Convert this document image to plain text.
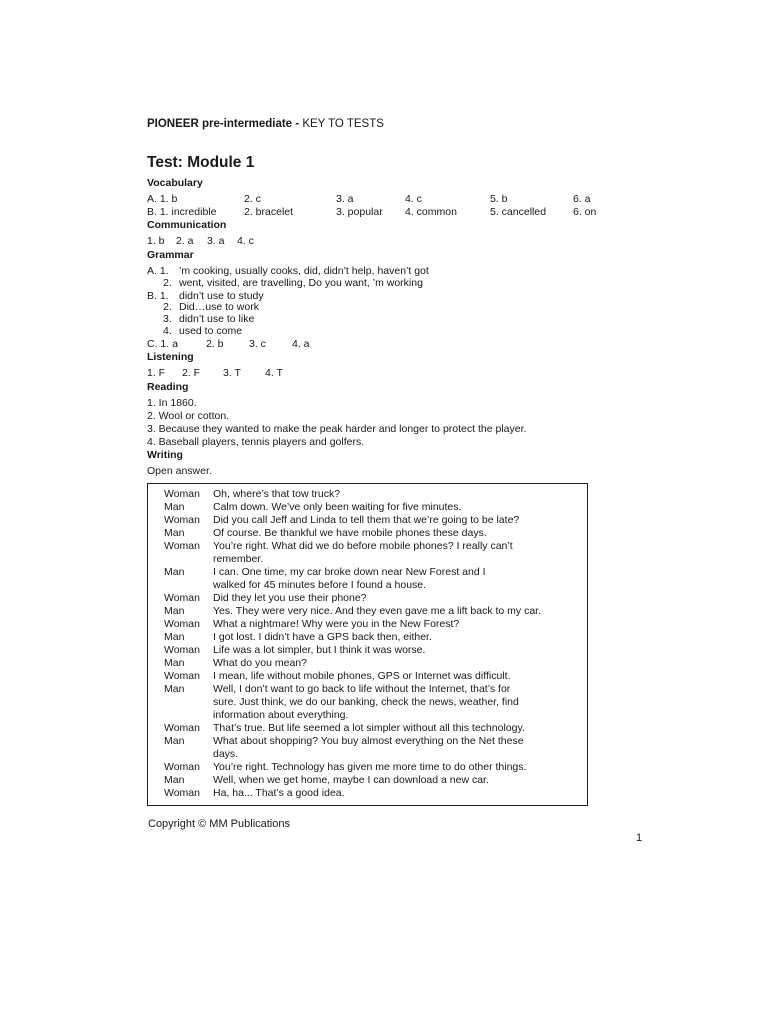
PIONEER pre-intermediate - KEY TO TESTS
Test: Module 1
Vocabulary
A. 1. b	2. c	3. a	4. c	5. b	6. a
B. 1. incredible	2. bracelet	3. popular 4. common	5. cancelled	6. on
Communication
1. b 2. a 3. a 4. c
Grammar
A. 1. ’m cooking, usually cooks, did, didn’t help, haven’t got
2. went, visited, are travelling, Do you want, ’m working
B. 1. didn’t use to study
2. Did…use to work
3. didn’t use to like
4. used to come
C. 1. a	2. b 3. c 4. a
Listening
1. F 2. F 3. T 4. T
Reading
1. In 1860.
2. Wool or cotton.
3. Because they wanted to make the peak harder and longer to protect the player.
4. Baseball players, tennis players and golfers.
Writing
Open answer.
Woman Oh, where’s that tow truck?
Man	Calm down. We’ve only been waiting for five minutes.
Woman Did you call Jeff and Linda to tell them that we’re going to be late?
Man	Of course. Be thankful we have mobile phones these days.
Woman You’re right. What did we do before mobile phones? I really can’t
remember.
Man	I can. One time, my car broke down near New Forest and I
walked for 45 minutes before I found a house.
Woman Did they let you use their phone?
Man	Yes. They were very nice. And they even gave me a lift back to my car.
Woman What a nightmare! Why were you in the New Forest?
Man	I got lost. I didn’t have a GPS back then, either.
Woman Life was a lot simpler, but I think it was worse.
Man	What do you mean?
Woman I mean, life without mobile phones, GPS or Internet was difficult.
Man	Well, I don’t want to go back to life without the Internet, that’s for
sure. Just think, we do our banking, check the news, weather, find
information about everything.
Woman That’s true. But life seemed a lot simpler without all this technology.
Man	What about shopping? You buy almost everything on the Net these
days.
Woman You’re right. Technology has given me more time to do other things.
Man	Well, when we get home, maybe I can download a new car.
Woman Ha, ha... That’s a good idea.
Copyright © MM Publications
1
